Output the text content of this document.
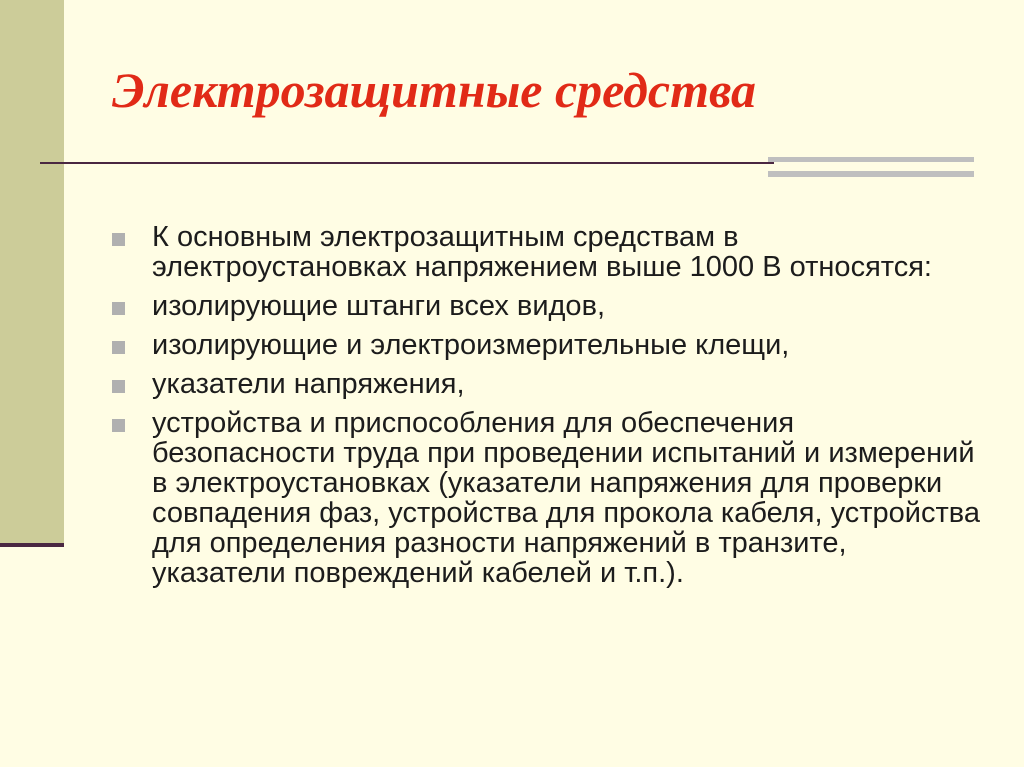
Электрозащитные средства
К основным электрозащитным средствам в электроустановках напряжением выше 1000 В относятся:
изолирующие штанги всех видов,
изолирующие и электроизмерительные клещи,
указатели напряжения,
устройства и приспособления для обеспечения безопасности труда при проведении испытаний и измерений в электроустановках (указатели напряжения для проверки совпадения фаз, устройства для прокола кабеля, устройства для определения разности напряжений в транзите, указатели повреждений кабелей и т.п.).
